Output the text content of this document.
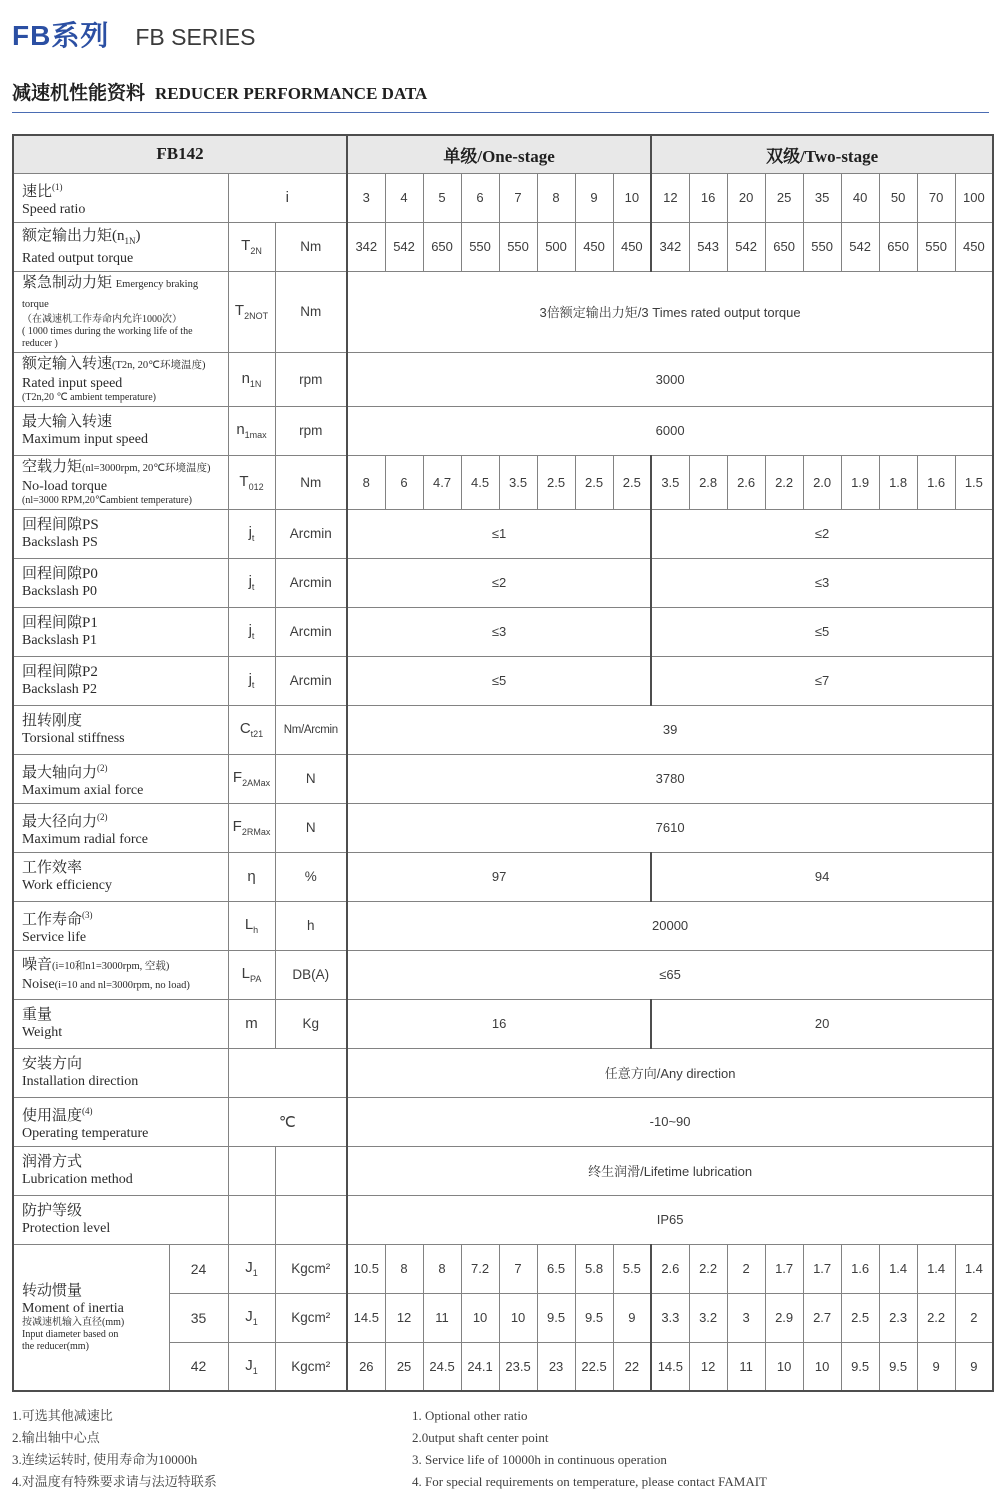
FB系列 FB SERIES
减速机性能资料 REDUCER PERFORMANCE DATA
FB142				单级/One-stage								双级/Two-stage								

速比$^{(1)}$
Speed ratio		i		3	4	5	6	7	8	9	10	12	16	20	25	35	40	50	70	100

额定输出力矩$(n_{1N})$
Rated output torque		$T_{2N}$	Nm	342	542	650	550	550	500	450	450	342	543	542	650	550	542	650	550	450

紧急制动力矩 Emergency braking torque
（在减速机工作寿命内允许1000次）
( 1000 times during the working life of the reducer )		$T_{2NOT}$	Nm	3倍额定输出力矩/3 Times rated output torque																

额定输入转速(T2n, 20℃环境温度)
Rated input speed
(T2n,20 ℃ ambient temperature)		$n_{1N}$	rpm	3000																

最大输入转速
Maximum input speed		$n_{1max}$	rpm	6000																

空载力矩(nl=3000rpm, 20℃环境温度)
No-load torque
(nl=3000 RPM,20℃ambient temperature)		$T_{012}$	Nm	8	6	4.7	4.5	3.5	2.5	2.5	2.5	3.5	2.8	2.6	2.2	2.0	1.9	1.8	1.6	1.5

回程间隙PS
Backslash PS		$j_t$	Arcmin	≤1								≤2								

回程间隙P0
Backslash P0		$j_t$	Arcmin	≤2								≤3								

回程间隙P1
Backslash P1		$j_t$	Arcmin	≤3								≤5								

回程间隙P2
Backslash P2		$j_t$	Arcmin	≤5								≤7								

扭转刚度
Torsional stiffness		$C_{t21}$	Nm/Arcmin	39																

最大轴向力$^{(2)}$
Maximum axial force		$F_{2AMax}$	N	3780																

最大径向力$^{(2)}$
Maximum radial force		$F_{2RMax}$	N	7610																

工作效率
Work efficiency		η	%	97								94								

工作寿命$^{(3)}$
Service life		$L_h$	h	20000																

噪音(i=10和n1=3000rpm, 空载)
Noise(i=10 and nl=3000rpm, no load)		$L_{PA}$	DB(A)	≤65																

重量
Weight		m	Kg	16								20								

安装方向
Installation direction				任意方向/Any direction																

使用温度$^{(4)}$
Operating temperature		℃		-10~90																

润滑方式
Lubrication method				终生润滑/Lifetime lubrication																

防护等级
Protection level				IP65																

转动惯量
Moment of inertia
按减速机输入直径(mm)
Input diameter based on
the reducer(mm)	24	$J_1$	Kgcm²	10.5	8	8	7.2	7	6.5	5.8	5.5	2.6	2.2	2	1.7	1.7	1.6	1.4	1.4	1.4
	35	$J_1$	Kgcm²	14.5	12	11	10	10	9.5	9.5	9	3.3	3.2	3	2.9	2.7	2.5	2.3	2.2	2
	42	$J_1$	Kgcm²	26	25	24.5	24.1	23.5	23	22.5	22	14.5	12	11	10	10	9.5	9.5	9	9
1.可选其他减速比
2.输出轴中心点
3.连续运转时, 使用寿命为10000h
4.对温度有特殊要求请与法迈特联系
1. Optional other ratio
2.0utput shaft center point
3. Service life of 10000h in continuous operation
4. For special requirements on temperature, please contact FAMAIT
